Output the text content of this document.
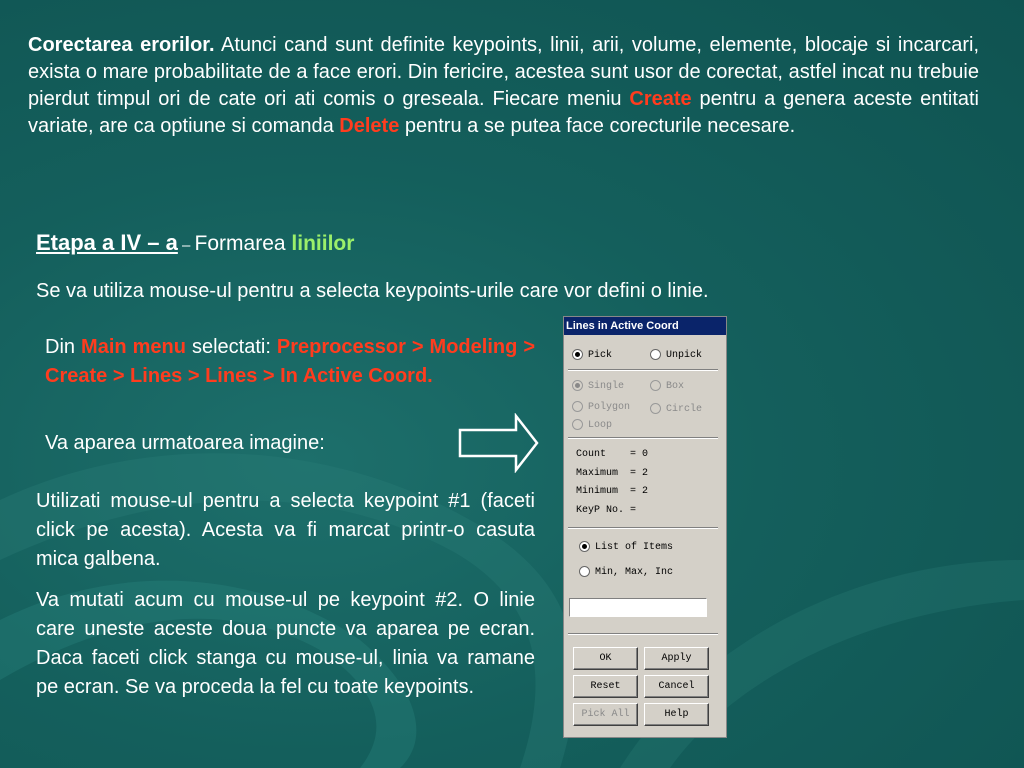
Corectarea erorilor. Atunci cand sunt definite keypoints, linii, arii, volume, elemente, blocaje si incarcari, exista o mare probabilitate de a face erori. Din fericire, acestea sunt usor de corectat, astfel incat nu trebuie pierdut timpul ori de cate ori ati comis o greseala. Fiecare meniu Create pentru a genera aceste entitati variate, are ca optiune si comanda Delete pentru a se putea face corecturile necesare.
Etapa a IV – a – Formarea liniilor
Se va utiliza mouse-ul pentru a selecta keypoints-urile care vor defini o linie.
Din Main menu selectati: Preprocessor > Modeling > Create > Lines > Lines > In Active Coord.
Va aparea urmatoarea imagine:
Utilizati mouse-ul pentru a selecta keypoint #1 (faceti click pe acesta). Acesta va fi marcat printr-o casuta mica galbena.
Va mutati acum cu mouse-ul pe keypoint #2. O linie care uneste aceste doua puncte va aparea pe ecran. Daca faceti click stanga cu mouse-ul, linia va ramane pe ecran. Se va proceda la fel cu toate keypoints.
Lines in Active Coord
Pick	Unpick
Single	Box
Polygon	Circle
Loop
Count    = 0
Maximum  = 2
Minimum  = 2
KeyP No. =
List of Items
Min, Max, Inc
OK	Apply
Reset	Cancel
Pick All	Help
